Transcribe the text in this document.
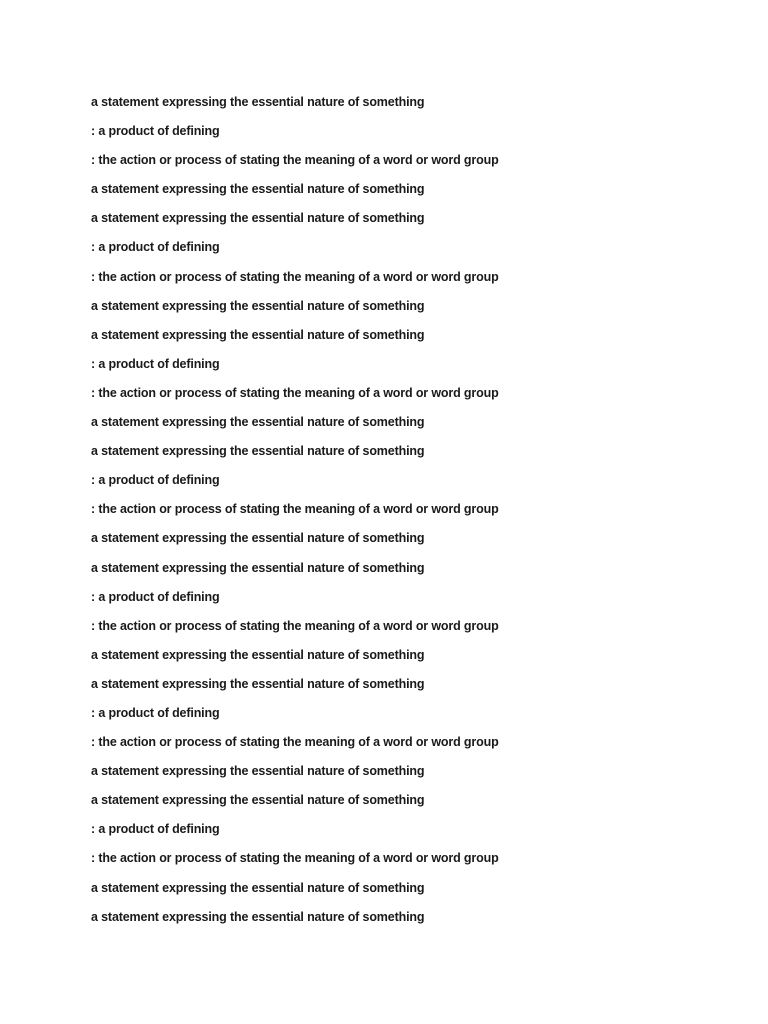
a statement expressing the essential nature of something
: a product of defining
: the action or process of stating the meaning of a word or word group
a statement expressing the essential nature of something
a statement expressing the essential nature of something
: a product of defining
: the action or process of stating the meaning of a word or word group
a statement expressing the essential nature of something
a statement expressing the essential nature of something
: a product of defining
: the action or process of stating the meaning of a word or word group
a statement expressing the essential nature of something
a statement expressing the essential nature of something
: a product of defining
: the action or process of stating the meaning of a word or word group
a statement expressing the essential nature of something
a statement expressing the essential nature of something
: a product of defining
: the action or process of stating the meaning of a word or word group
a statement expressing the essential nature of something
a statement expressing the essential nature of something
: a product of defining
: the action or process of stating the meaning of a word or word group
a statement expressing the essential nature of something
a statement expressing the essential nature of something
: a product of defining
: the action or process of stating the meaning of a word or word group
a statement expressing the essential nature of something
a statement expressing the essential nature of something
